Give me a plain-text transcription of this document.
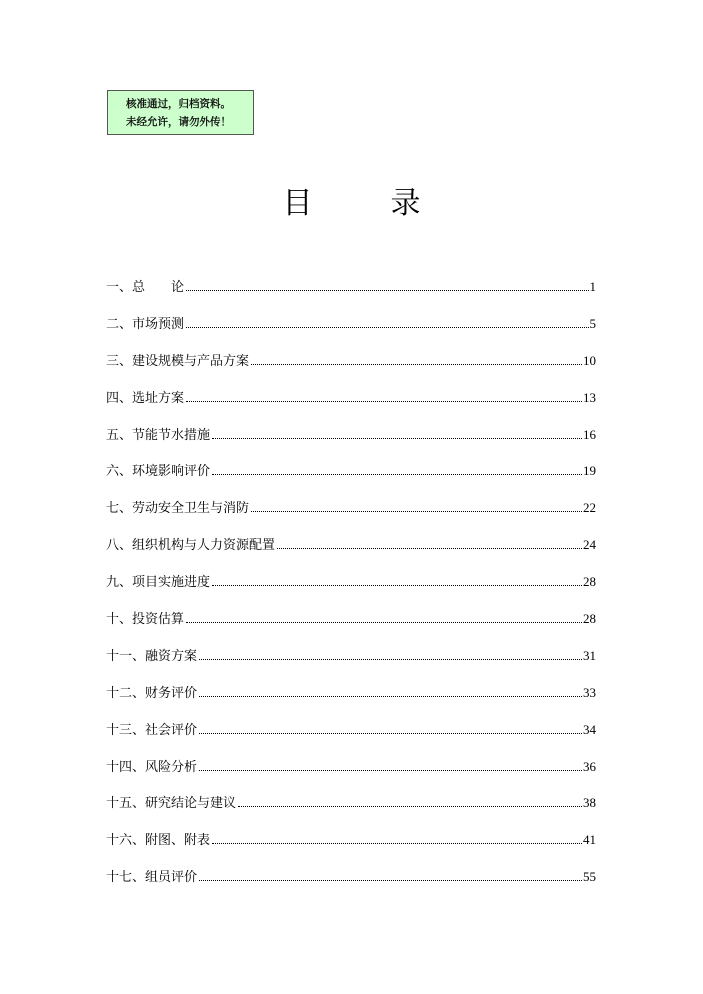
核准通过，归档资料。
未经允许，请勿外传！
目	录
一、总　　论	1
二、市场预测	5
三、建设规模与产品方案	10
四、选址方案	13
五、节能节水措施	16
六、环境影响评价	19
七、劳动安全卫生与消防	22
八、组织机构与人力资源配置	24
九、项目实施进度	28
十、投资估算	28
十一、融资方案	31
十二、财务评价	33
十三、社会评价	34
十四、风险分析	36
十五、研究结论与建议	38
十六、附图、附表	41
十七、组员评价	55
